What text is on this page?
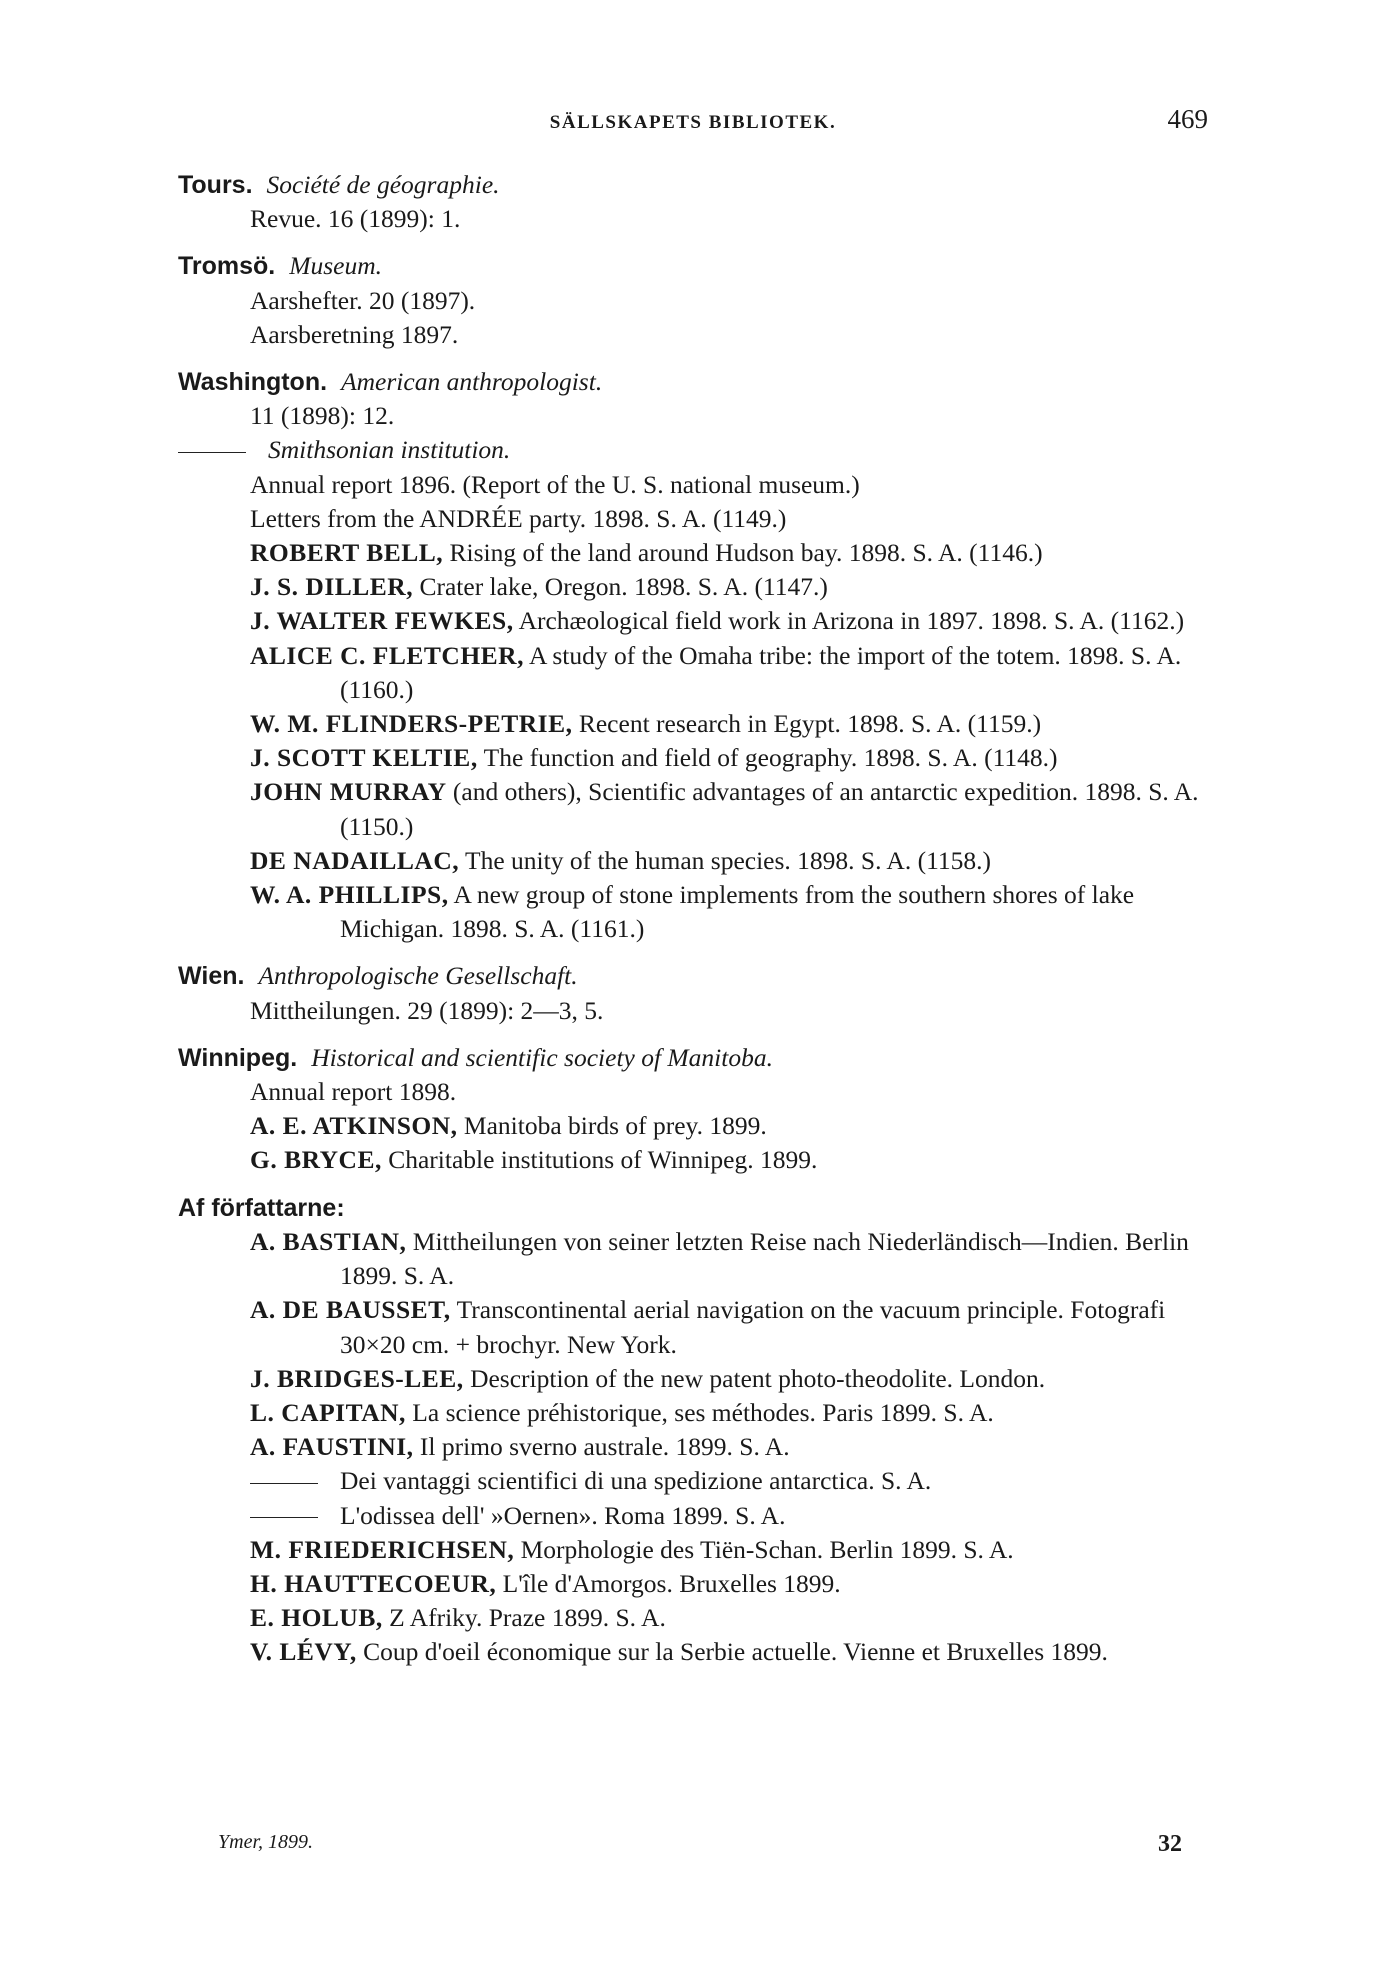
SÄLLSKAPETS BIBLIOTEK.	469
Tours. Société de géographie.
Revue. 16 (1899): 1.
Tromsö. Museum.
Aarshefter. 20 (1897).
Aarsberetning 1897.
Washington. American anthropologist.
11 (1898): 12.
Smithsonian institution.
Annual report 1896. (Report of the U. S. national museum.)
Letters from the ANDRÉE party. 1898. S. A. (1149.)
ROBERT BELL, Rising of the land around Hudson bay. 1898. S. A. (1146.)
J. S. DILLER, Crater lake, Oregon. 1898. S. A. (1147.)
J. WALTER FEWKES, Archæological field work in Arizona in 1897. 1898. S. A. (1162.)
ALICE C. FLETCHER, A study of the Omaha tribe: the import of the totem. 1898. S. A. (1160.)
W. M. FLINDERS-PETRIE, Recent research in Egypt. 1898. S. A. (1159.)
J. SCOTT KELTIE, The function and field of geography. 1898. S. A. (1148.)
JOHN MURRAY (and others), Scientific advantages of an antarctic expedition. 1898. S. A. (1150.)
DE NADAILLAC, The unity of the human species. 1898. S. A. (1158.)
W. A. PHILLIPS, A new group of stone implements from the southern shores of lake Michigan. 1898. S. A. (1161.)
Wien. Anthropologische Gesellschaft.
Mittheilungen. 29 (1899): 2—3, 5.
Winnipeg. Historical and scientific society of Manitoba.
Annual report 1898.
A. E. ATKINSON, Manitoba birds of prey. 1899.
G. BRYCE, Charitable institutions of Winnipeg. 1899.
Af författarne:
A. BASTIAN, Mittheilungen von seiner letzten Reise nach Niederländisch—Indien. Berlin 1899. S. A.
A. DE BAUSSET, Transcontinental aerial navigation on the vacuum principle. Fotografi 30×20 cm. + brochyr. New York.
J. BRIDGES-LEE, Description of the new patent photo-theodolite. London.
L. CAPITAN, La science préhistorique, ses méthodes. Paris 1899. S. A.
A. FAUSTINI, Il primo sverno australe. 1899. S. A.
Dei vantaggi scientifici di una spedizione antarctica. S. A.
L'odissea dell' »Oernen». Roma 1899. S. A.
M. FRIEDERICHSEN, Morphologie des Tiën-Schan. Berlin 1899. S. A.
H. HAUTTECOEUR, L'île d'Amorgos. Bruxelles 1899.
E. HOLUB, Z Afriky. Praze 1899. S. A.
V. LÉVY, Coup d'oeil économique sur la Serbie actuelle. Vienne et Bruxelles 1899.
Ymer, 1899.	32
